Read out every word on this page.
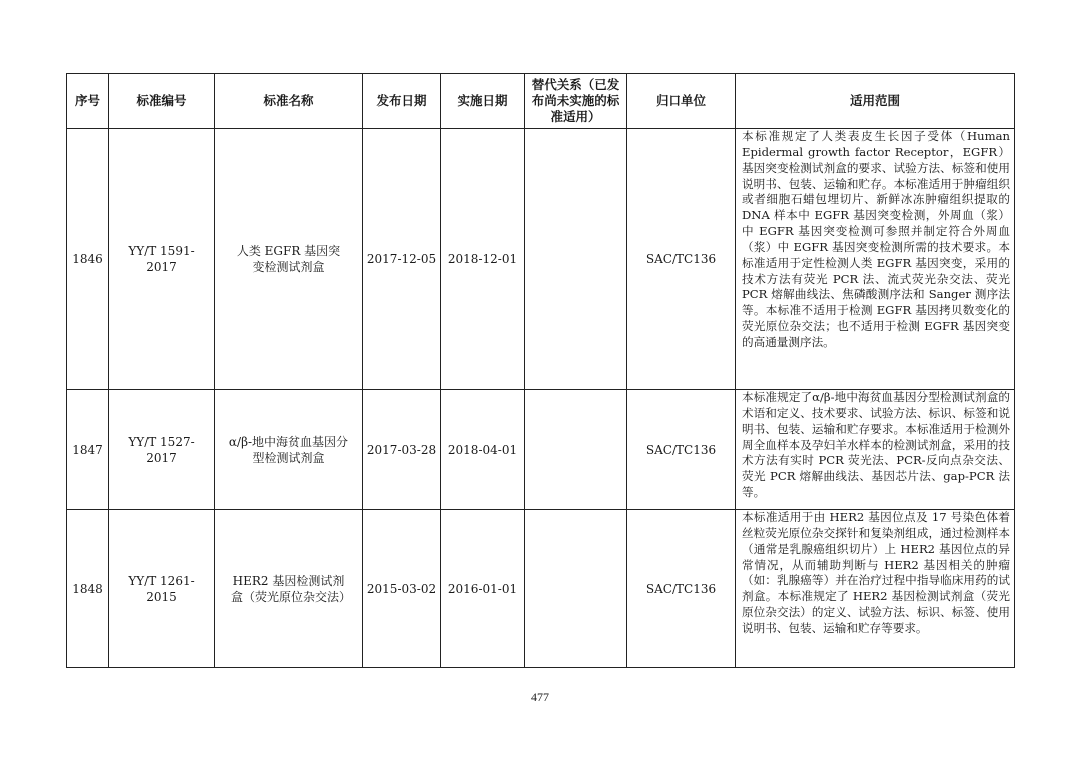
序号	标准编号	标准名称	发布日期	实施日期	替代关系（已发布尚未实施的标准适用）	归口单位	适用范围
1846	YY/T 1591-2017	人类 EGFR 基因突变检测试剂盒	2017-12-05	2018-12-01		SAC/TC136	本标准规定了人类表皮生长因子受体（Human Epidermal growth factor Receptor，EGFR）基因突变检测试剂盒的要求、试验方法、标签和使用说明书、包装、运输和贮存。本标准适用于肿瘤组织或者细胞石蜡包埋切片、新鲜冰冻肿瘤组织提取的 DNA 样本中 EGFR 基因突变检测，外周血（浆）中 EGFR 基因突变检测可参照并制定符合外周血（浆）中 EGFR 基因突变检测所需的技术要求。本标准适用于定性检测人类 EGFR 基因突变，采用的技术方法有荧光 PCR 法、流式荧光杂交法、荧光 PCR 熔解曲线法、焦磷酸测序法和 Sanger 测序法等。本标准不适用于检测 EGFR 基因拷贝数变化的荧光原位杂交法；也不适用于检测 EGFR 基因突变的高通量测序法。
1847	YY/T 1527-2017	α/β-地中海贫血基因分型检测试剂盒	2017-03-28	2018-04-01		SAC/TC136	本标准规定了α/β-地中海贫血基因分型检测试剂盒的术语和定义、技术要求、试验方法、标识、标签和说明书、包装、运输和贮存要求。本标准适用于检测外周全血样本及孕妇羊水样本的检测试剂盒，采用的技术方法有实时 PCR 荧光法、PCR-反向点杂交法、荧光 PCR 熔解曲线法、基因芯片法、gap-PCR 法等。
1848	YY/T 1261-2015	HER2 基因检测试剂盒（荧光原位杂交法）	2015-03-02	2016-01-01		SAC/TC136	本标准适用于由 HER2 基因位点及 17 号染色体着丝粒荧光原位杂交探针和复染剂组成，通过检测样本（通常是乳腺癌组织切片）上 HER2 基因位点的异常情况，从而辅助判断与 HER2 基因相关的肿瘤（如：乳腺癌等）并在治疗过程中指导临床用药的试剂盒。本标准规定了 HER2 基因检测试剂盒（荧光原位杂交法）的定义、试验方法、标识、标签、使用说明书、包装、运输和贮存等要求。
477
